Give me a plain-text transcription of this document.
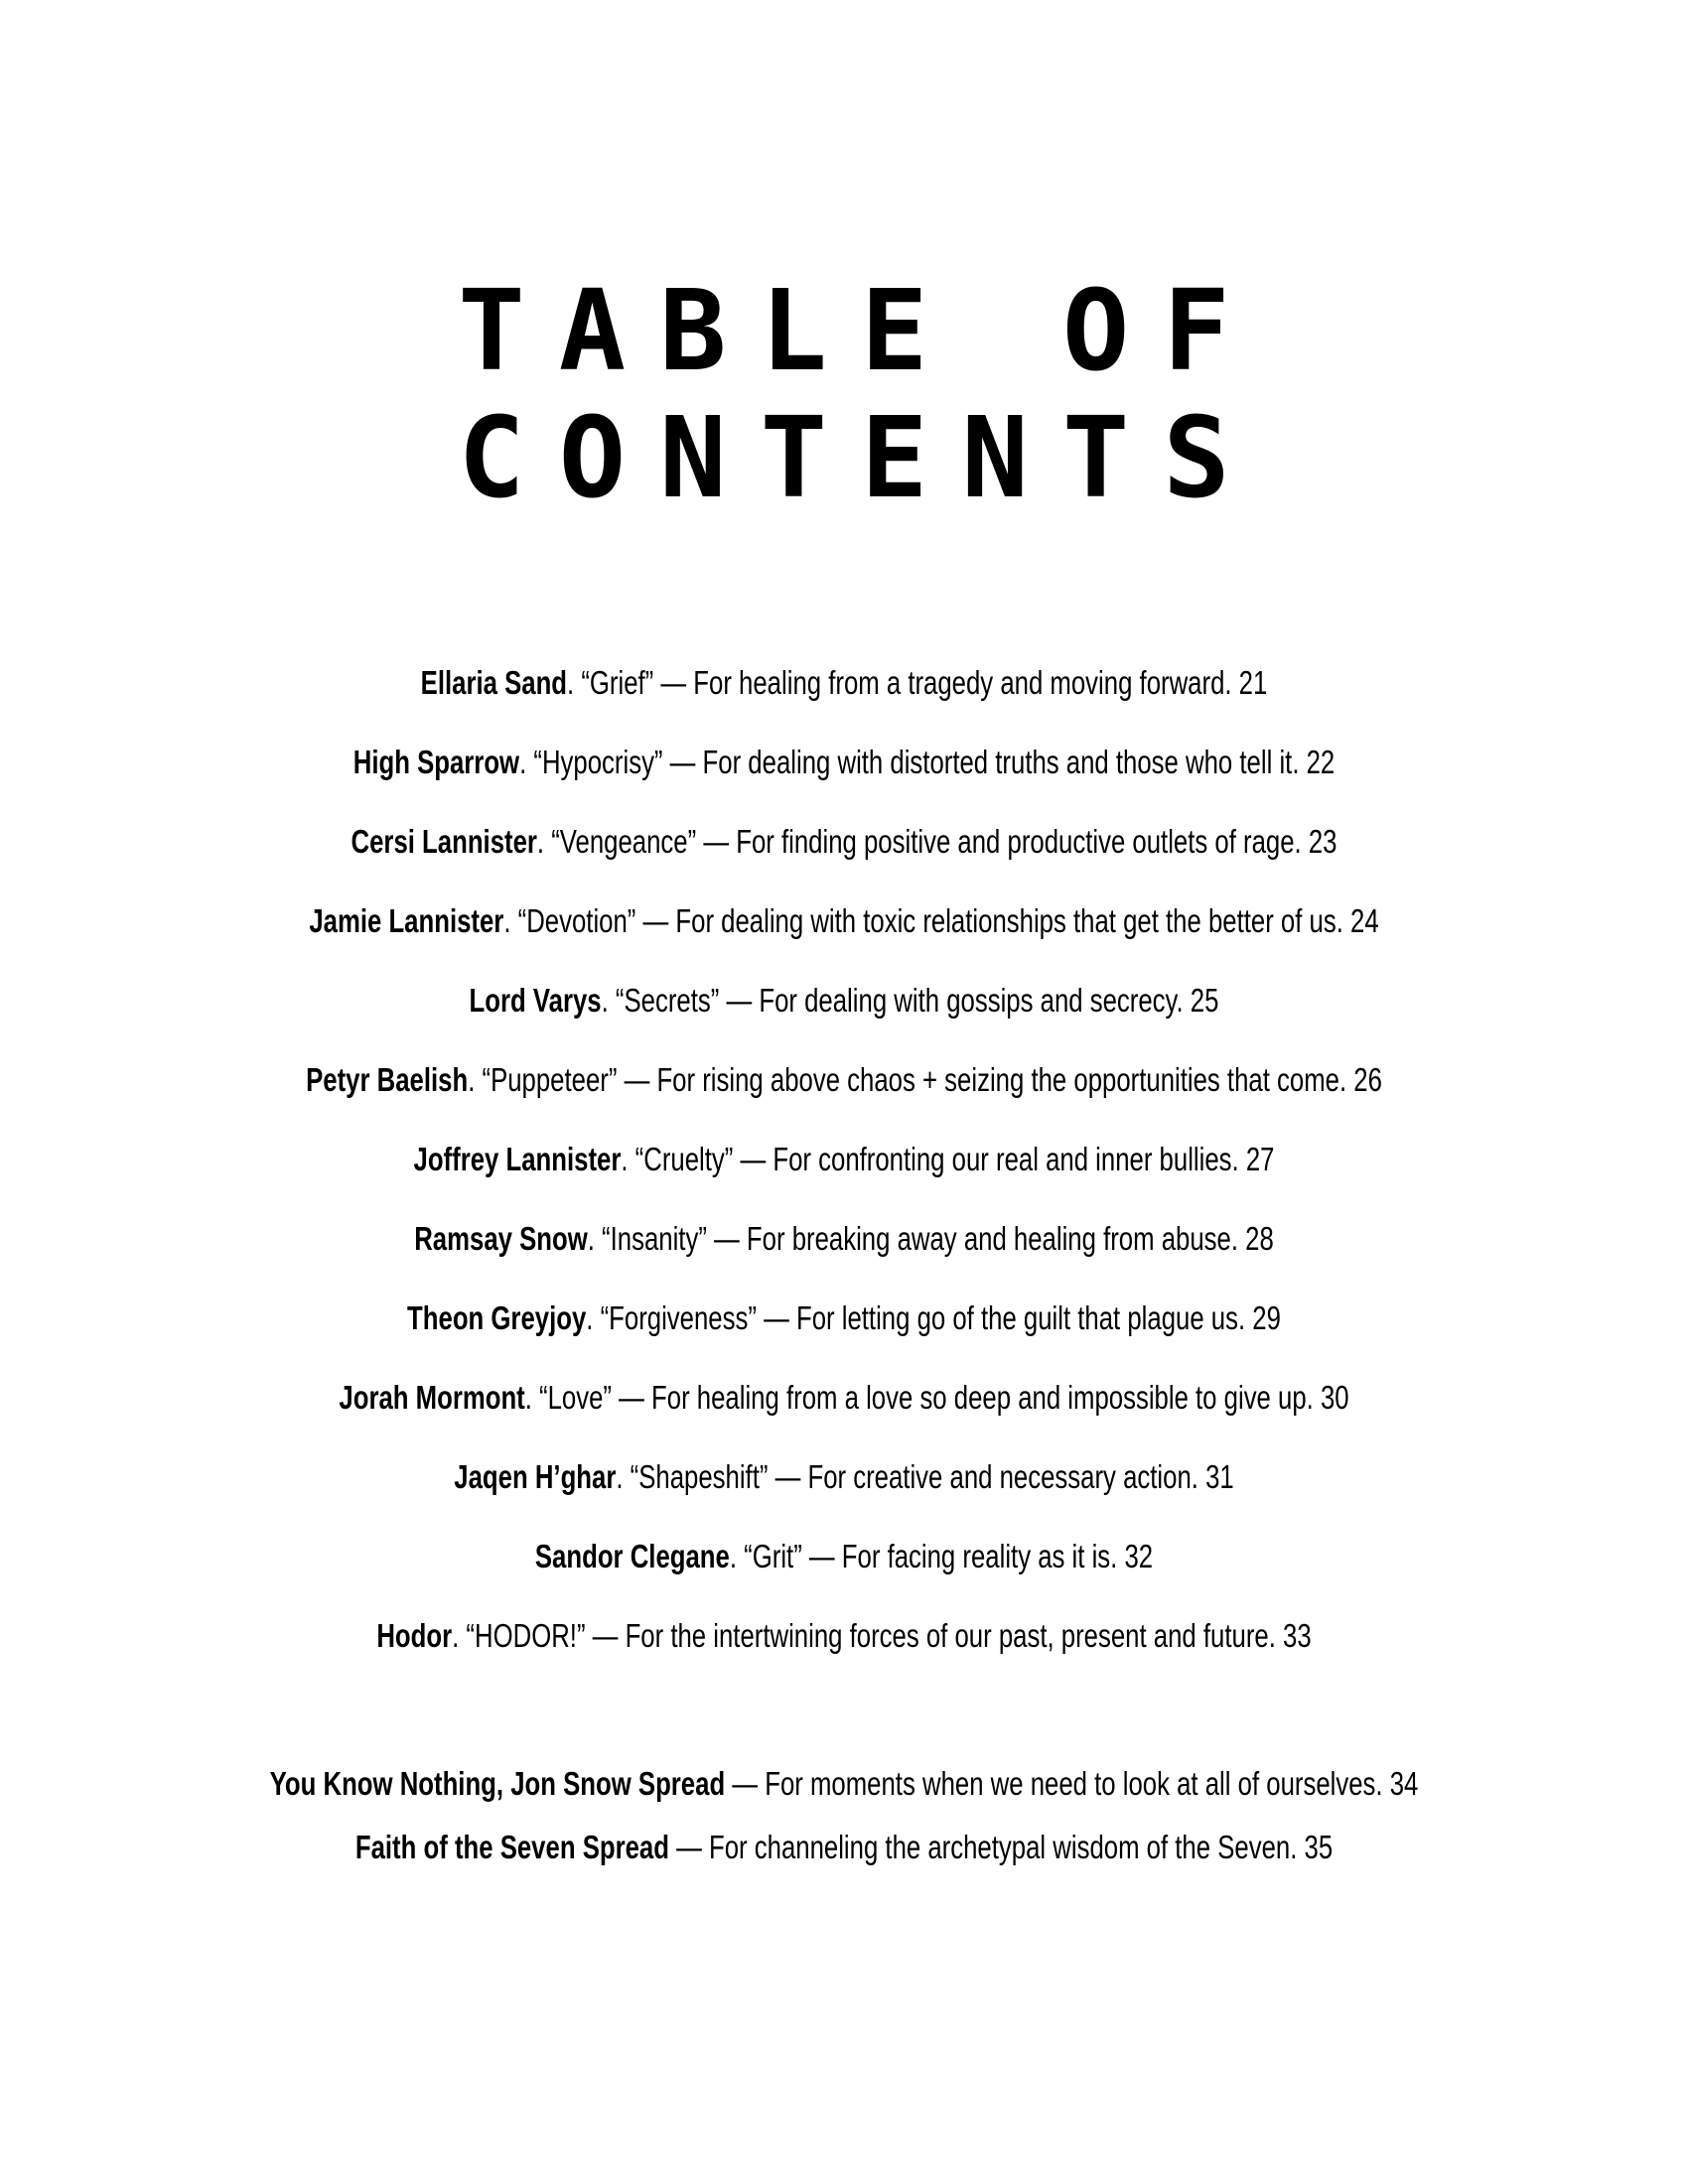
TABLE OF
CONTENTS
Ellaria Sand. “Grief” — For healing from a tragedy and moving forward. 21
High Sparrow. “Hypocrisy” — For dealing with distorted truths and those who tell it. 22
Cersi Lannister. “Vengeance” — For finding positive and productive outlets of rage. 23
Jamie Lannister. “Devotion” — For dealing with toxic relationships that get the better of us. 24
Lord Varys. “Secrets” — For dealing with gossips and secrecy. 25
Petyr Baelish. “Puppeteer” — For rising above chaos + seizing the opportunities that come. 26
Joffrey Lannister. “Cruelty” — For confronting our real and inner bullies. 27
Ramsay Snow. “Insanity” — For breaking away and healing from abuse. 28
Theon Greyjoy. “Forgiveness” — For letting go of the guilt that plague us. 29
Jorah Mormont. “Love” — For healing from a love so deep and impossible to give up. 30
Jaqen H’ghar. “Shapeshift” — For creative and necessary action. 31
Sandor Clegane. “Grit” — For facing reality as it is. 32
Hodor. “HODOR!” — For the intertwining forces of our past, present and future. 33
You Know Nothing, Jon Snow Spread — For moments when we need to look at all of ourselves. 34
Faith of the Seven Spread — For channeling the archetypal wisdom of the Seven. 35
